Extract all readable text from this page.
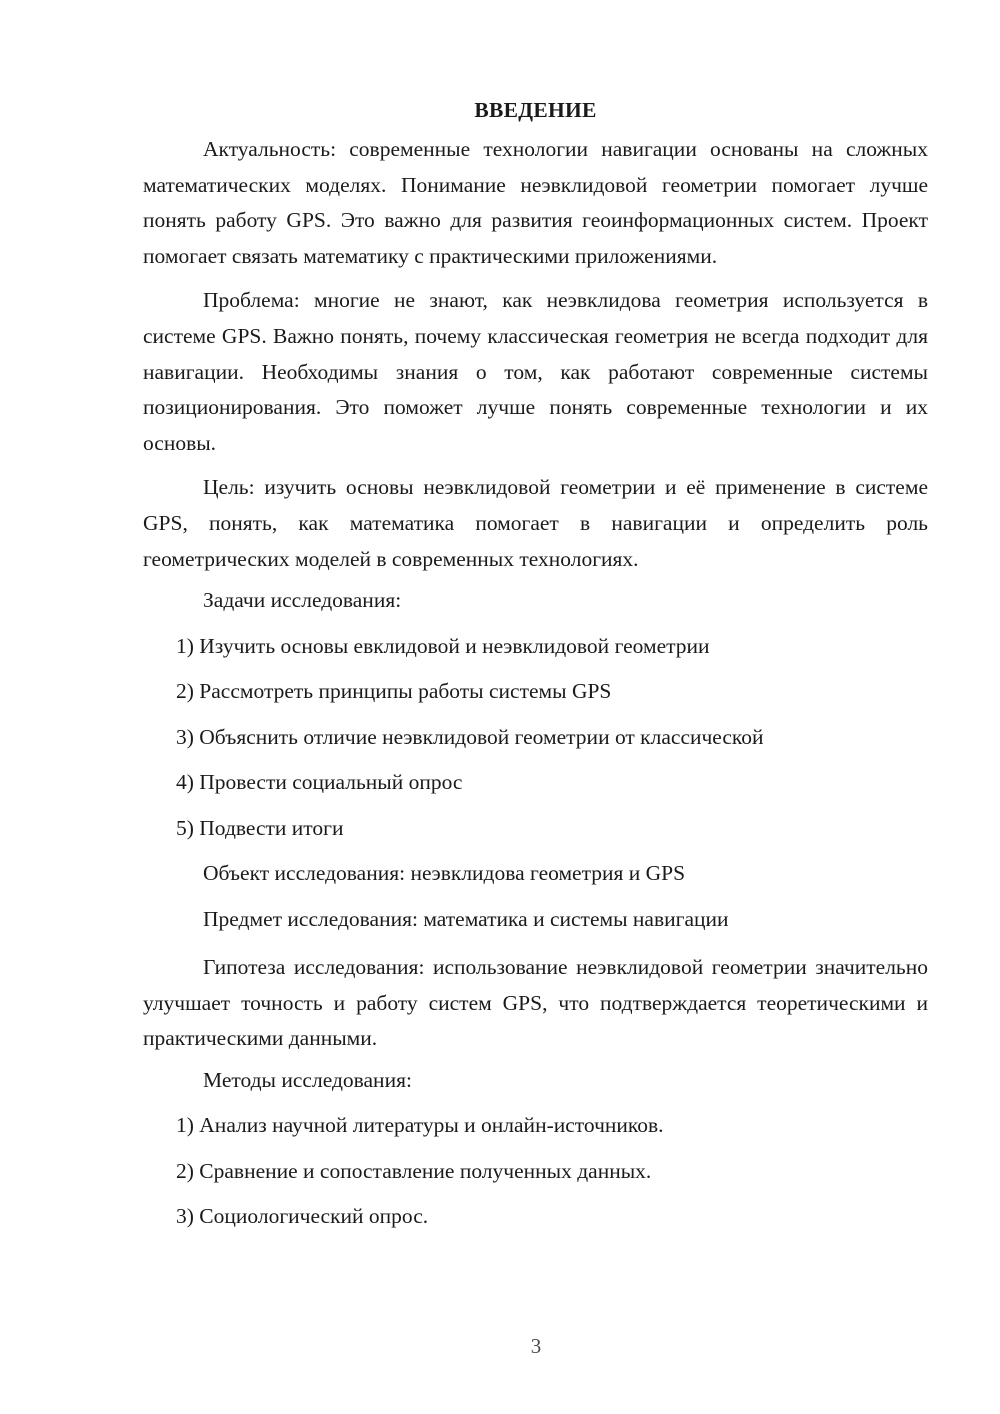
ВВЕДЕНИЕ

Актуальность: современные технологии навигации основаны на сложных математических моделях. Понимание неэвклидовой геометрии помогает лучше понять работу GPS. Это важно для развития геоинформационных систем. Проект помогает связать математику с практическими приложениями.

Проблема: многие не знают, как неэвклидова геометрия используется в системе GPS. Важно понять, почему классическая геометрия не всегда подходит для навигации. Необходимы знания о том, как работают современные системы позиционирования. Это поможет лучше понять современные технологии и их основы.

Цель: изучить основы неэвклидовой геометрии и её применение в системе GPS, понять, как математика помогает в навигации и определить роль геометрических моделей в современных технологиях.

Задачи исследования:
1) Изучить основы евклидовой и неэвклидовой геометрии
2) Рассмотреть принципы работы системы GPS
3) Объяснить отличие неэвклидовой геометрии от классической
4) Провести социальный опрос
5) Подвести итоги
Объект исследования: неэвклидова геометрия и GPS
Предмет исследования: математика и системы навигации

Гипотеза исследования: использование неэвклидовой геометрии значительно улучшает точность и работу систем GPS, что подтверждается теоретическими и практическими данными.

Методы исследования:
1) Анализ научной литературы и онлайн-источников.
2) Сравнение и сопоставление полученных данных.
3) Социологический опрос.
3
